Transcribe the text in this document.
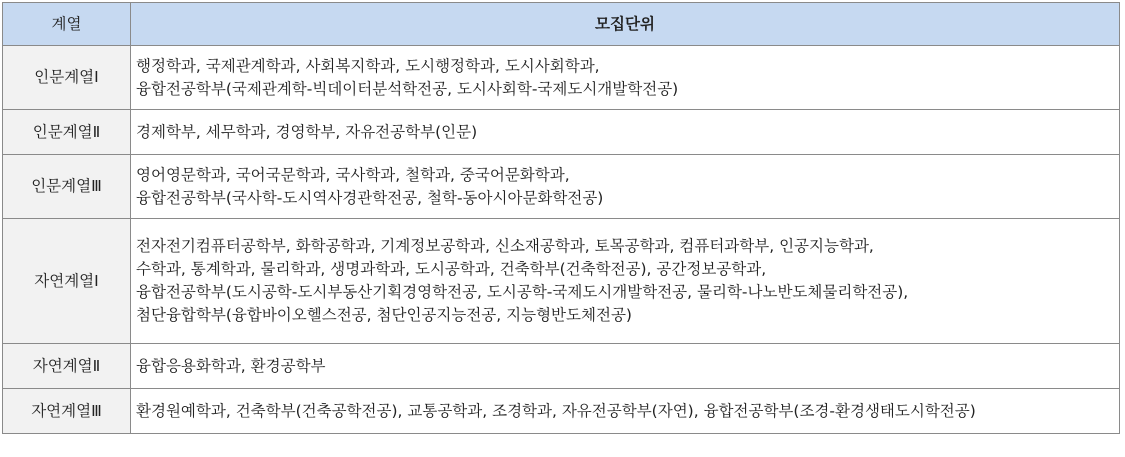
계열	모집단위
인문계열Ⅰ	행정학과, 국제관계학과, 사회복지학과, 도시행정학과, 도시사회학과,
융합전공학부(국제관계학-빅데이터분석학전공, 도시사회학-국제도시개발학전공)

인문계열Ⅱ	경제학부, 세무학과, 경영학부, 자유전공학부(인문)

인문계열Ⅲ	영어영문학과, 국어국문학과, 국사학과, 철학과, 중국어문화학과,
융합전공학부(국사학-도시역사경관학전공, 철학-동아시아문화학전공)

자연계열Ⅰ	전자전기컴퓨터공학부, 화학공학과, 기계정보공학과, 신소재공학과, 토목공학과, 컴퓨터과학부, 인공지능학과,
수학과, 통계학과, 물리학과, 생명과학과, 도시공학과, 건축학부(건축학전공), 공간정보공학과,
융합전공학부(도시공학-도시부동산기획경영학전공, 도시공학-국제도시개발학전공, 물리학-나노반도체물리학전공),
첨단융합학부(융합바이오헬스전공, 첨단인공지능전공, 지능형반도체전공)

자연계열Ⅱ	융합응용화학과, 환경공학부

자연계열Ⅲ	환경원예학과, 건축학부(건축공학전공), 교통공학과, 조경학과, 자유전공학부(자연), 융합전공학부(조경-환경생태도시학전공)
